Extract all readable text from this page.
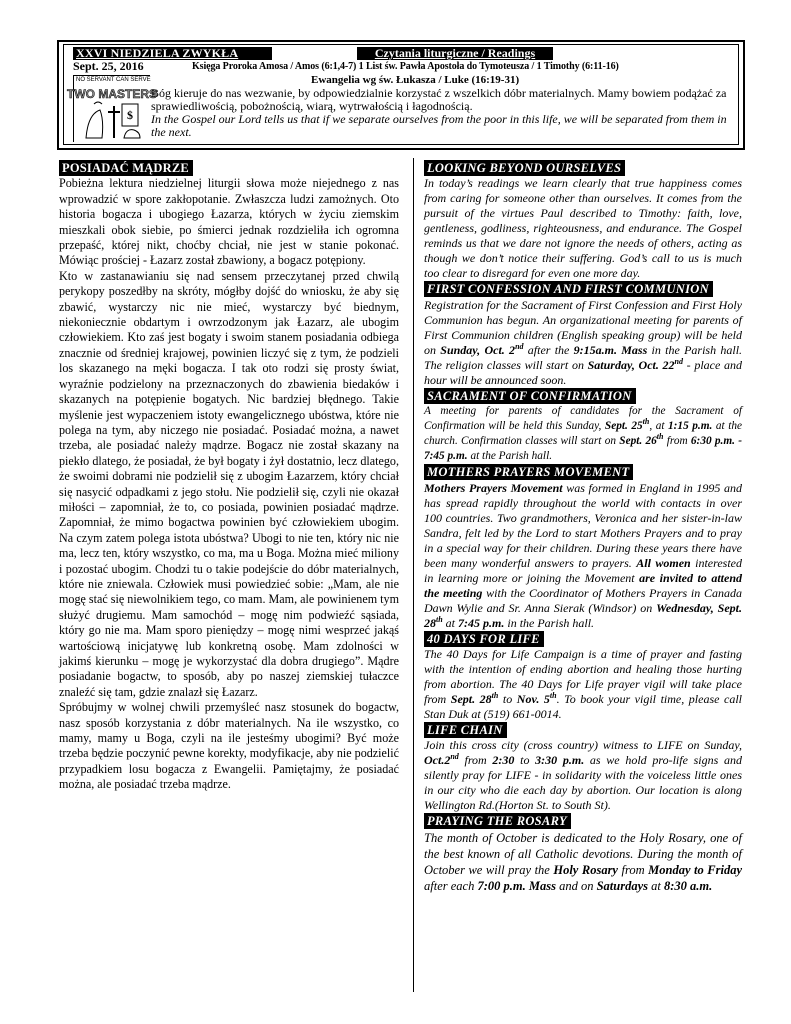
XXVI NIEDZIELA ZWYKŁA	Czytania liturgiczne / Readings
Sept. 25, 2016	Księga Proroka Amosa / Amos (6:1,4-7) 1 List św. Pawła Apostoła do Tymoteusza / 1 Timothy (6:11-16)
Ewangelia wg św. Łukasza / Luke (16:19-31)
TWO MASTERS
$
NO SERVANT CAN SERVE
Bóg kieruje do nas wezwanie, by odpowiedzialnie korzystać z wszelkich dóbr materialnych. Mamy bowiem podążać za sprawiedliwością, pobożnością, wiarą, wytrwałością i łagodnością.
In the Gospel our Lord tells us that if we separate ourselves from the poor in this life, we will be separated from them in the next.
POSIADAĆ MĄDRZE

Pobieżna lektura niedzielnej liturgii słowa może niejednego z nas wprowadzić w spore zakłopotanie. Zwłaszcza ludzi zamożnych. Oto historia bogacza i ubogiego Łazarza, których w życiu ziemskim mieszkali obok siebie, po śmierci jednak rozdzieliła ich ogromna przepaść, której nikt, choćby chciał, nie jest w stanie pokonać. Mówiąc prościej - Łazarz został zbawiony, a bogacz potępiony.

Kto w zastanawianiu się nad sensem przeczytanej przed chwilą perykopy poszedłby na skróty, mógłby dojść do wniosku, że aby się zbawić, wystarczy nic nie mieć, wystarczy być biednym, niekoniecznie obdartym i owrzodzonym jak Łazarz, ale ubogim człowiekiem. Kto zaś jest bogaty i swoim stanem posiadania odbiega znacznie od średniej krajowej, powinien liczyć się z tym, że podzieli los skazanego na męki bogacza. I tak oto rodzi się prosty świat, wyraźnie podzielony na przeznaczonych do zbawienia biedaków i skazanych na potępienie bogatych. Nic bardziej błędnego. Takie myślenie jest wypaczeniem istoty ewangelicznego ubóstwa, które nie polega na tym, aby niczego nie posiadać. Posiadać można, a nawet trzeba, ale posiadać należy mądrze. Bogacz nie został skazany na piekło dlatego, że posiadał, że był bogaty i żył dostatnio, lecz dlatego, że swoimi dobrami nie podzielił się z ubogim Łazarzem, który chciał się nasycić odpadkami z jego stołu. Nie podzielił się, czyli nie okazał miłości – zapomniał, że to, co posiada, powinien posiadać mądrze. Zapomniał, że mimo bogactwa powinien być człowiekiem ubogim. Na czym zatem polega istota ubóstwa? Ubogi to nie ten, który nic nie ma, lecz ten, który wszystko, co ma, ma u Boga. Można mieć miliony i pozostać ubogim. Chodzi tu o takie podejście do dóbr materialnych, które nie zniewala. Człowiek musi powiedzieć sobie: „Mam, ale nie mogę stać się niewolnikiem tego, co mam. Mam, ale powinienem tym służyć drugiemu. Mam samochód – mogę nim podwieźć sąsiada, który go nie ma. Mam sporo pieniędzy – mogę nimi wesprzeć jakąś wartościową inicjatywę lub konkretną osobę. Mam zdolności w jakimś kierunku – mogę je wykorzystać dla dobra drugiego”. Mądre posiadanie bogactw, to sposób, aby po naszej ziemskiej tułaczce znaleźć się tam, gdzie znalazł się Łazarz.

Spróbujmy w wolnej chwili przemyśleć nasz stosunek do bogactw, nasz sposób korzystania z dóbr materialnych. Na ile wszystko, co mamy, mamy u Boga, czyli na ile jesteśmy ubogimi? Być może trzeba będzie poczynić pewne korekty, modyfikacje, aby nie podzielić przypadkiem losu bogacza z Ewangelii. Pamiętajmy, że posiadać można, ale posiadać trzeba mądrze.

LOOKING BEYOND OURSELVES

In today’s readings we learn clearly that true happiness comes from caring for someone other than ourselves. It comes from the pursuit of the virtues Paul described to Timothy: faith, love, gentleness, godliness, righteousness, and endurance. The Gospel reminds us that we dare not ignore the needs of others, acting as though we don’t notice their suffering. God’s call to us is much too clear to disregard for even one more day.

FIRST CONFESSION AND FIRST COMMUNION

Registration for the Sacrament of First Confession and First Holy Communion has begun. An organizational meeting for parents of First Communion children (English speaking group) will be held on Sunday, Oct. 2nd after the 9:15a.m. Mass in the Parish hall. The religion classes will start on Saturday, Oct. 22nd - place and hour will be announced soon.

SACRAMENT OF CONFIRMATION

A meeting for parents of candidates for the Sacrament of Confirmation will be held this Sunday, Sept. 25th, at 1:15 p.m. at the church. Confirmation classes will start on Sept. 26th from 6:30 p.m. - 7:45 p.m. at the Parish hall.

MOTHERS PRAYERS MOVEMENT

Mothers Prayers Movement was formed in England in 1995 and has spread rapidly throughout the world with contacts in over 100 countries. Two grandmothers, Veronica and her sister-in-law Sandra, felt led by the Lord to start Mothers Prayers and to pray in a special way for their children. During these years there have been many wonderful answers to prayers. All women interested in learning more or joining the Movement are invited to attend the meeting with the Coordinator of Mothers Prayers in Canada Dawn Wylie and Sr. Anna Sierak (Windsor) on Wednesday, Sept. 28th at 7:45 p.m. in the Parish hall.

40 DAYS FOR LIFE

The 40 Days for Life Campaign is a time of prayer and fasting with the intention of ending abortion and healing those hurting from abortion. The 40 Days for Life prayer vigil will take place from Sept. 28th to Nov. 5th. To book your vigil time, please call Stan Duk at (519) 661-0014.

LIFE CHAIN

Join this cross city (cross country) witness to LIFE on Sunday, Oct.2nd from 2:30 to 3:30 p.m. as we hold pro-life signs and silently pray for LIFE - in solidarity with the voiceless little ones in our city who die each day by abortion. Our location is along Wellington Rd.(Horton St. to South St).

PRAYING THE ROSARY

The month of October is dedicated to the Holy Rosary, one of the best known of all Catholic devotions. During the month of October we will pray the Holy Rosary from Monday to Friday after each 7:00 p.m. Mass and on Saturdays at 8:30 a.m.
